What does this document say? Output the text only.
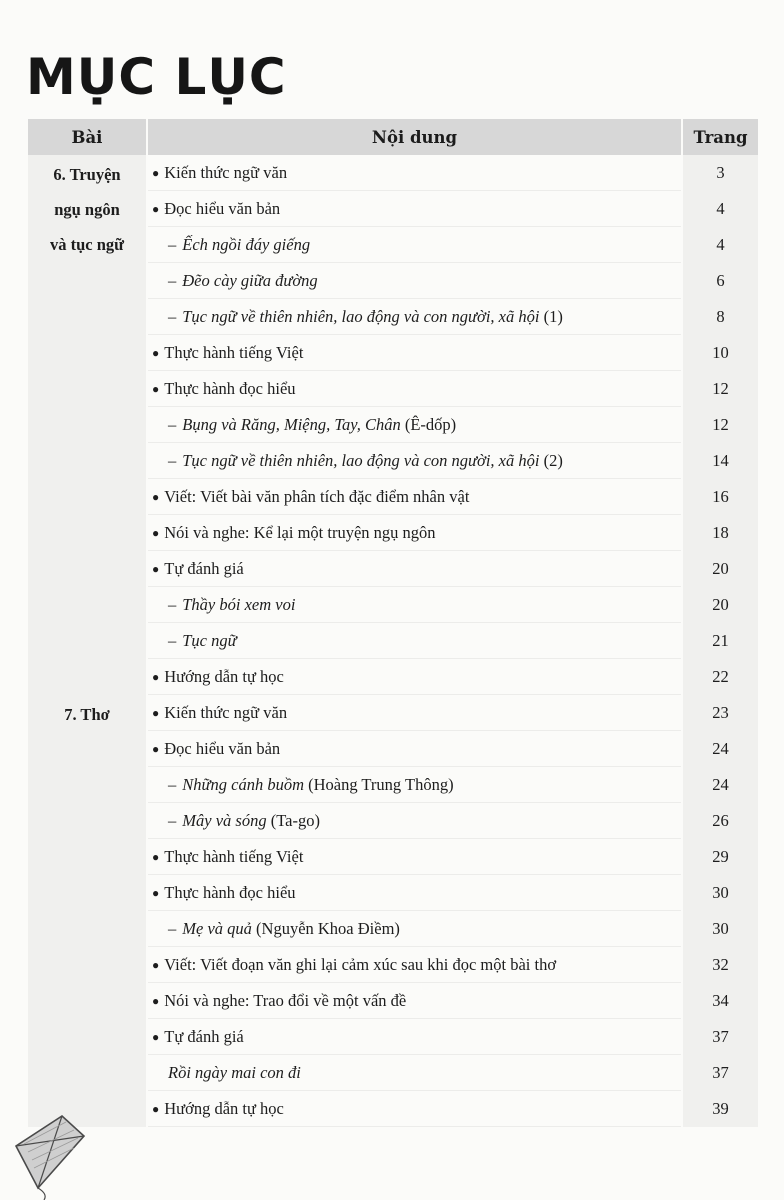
MỤC LỤC
Bài	Nội dung	Trang

6. Truyện
ngụ ngôn
và tục ngữ	● Kiến thức ngữ văn	3
	● Đọc hiểu văn bản	4
	– Ếch ngồi đáy giếng	4
	– Đẽo cày giữa đường	6
	– Tục ngữ về thiên nhiên, lao động và con người, xã hội (1)	8
	● Thực hành tiếng Việt	10
	● Thực hành đọc hiểu	12
	– Bụng và Răng, Miệng, Tay, Chân (Ê-dốp)	12
	– Tục ngữ về thiên nhiên, lao động và con người, xã hội (2)	14
	● Viết: Viết bài văn phân tích đặc điểm nhân vật	16
	● Nói và nghe: Kể lại một truyện ngụ ngôn	18
	● Tự đánh giá	20
	– Thầy bói xem voi	20
	– Tục ngữ	21
	● Hướng dẫn tự học	22

7. Thơ	● Kiến thức ngữ văn	23
	● Đọc hiểu văn bản	24
	– Những cánh buồm (Hoàng Trung Thông)	24
	– Mây và sóng (Ta-go)	26
	● Thực hành tiếng Việt	29
	● Thực hành đọc hiểu	30
	– Mẹ và quả (Nguyễn Khoa Điềm)	30
	● Viết: Viết đoạn văn ghi lại cảm xúc sau khi đọc một bài thơ	32
	● Nói và nghe: Trao đổi về một vấn đề	34
	● Tự đánh giá	37
	Rồi ngày mai con đi	37
	● Hướng dẫn tự học	39
